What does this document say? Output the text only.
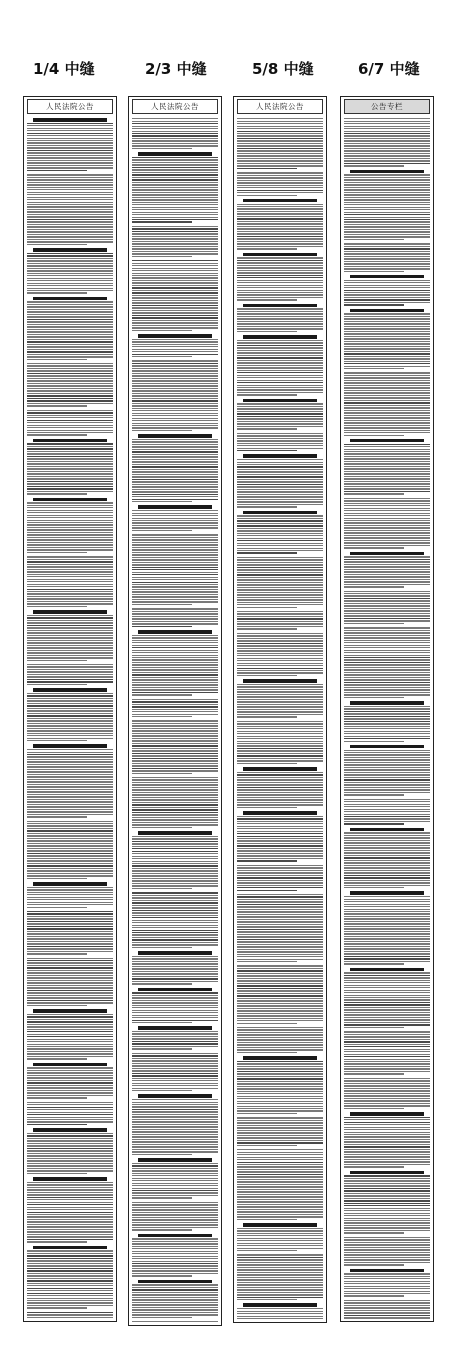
1/4 中缝	2/3 中缝	5/8 中缝	6/7 中缝
人民法院公告	人民法院公告	人民法院公告	公告专栏
